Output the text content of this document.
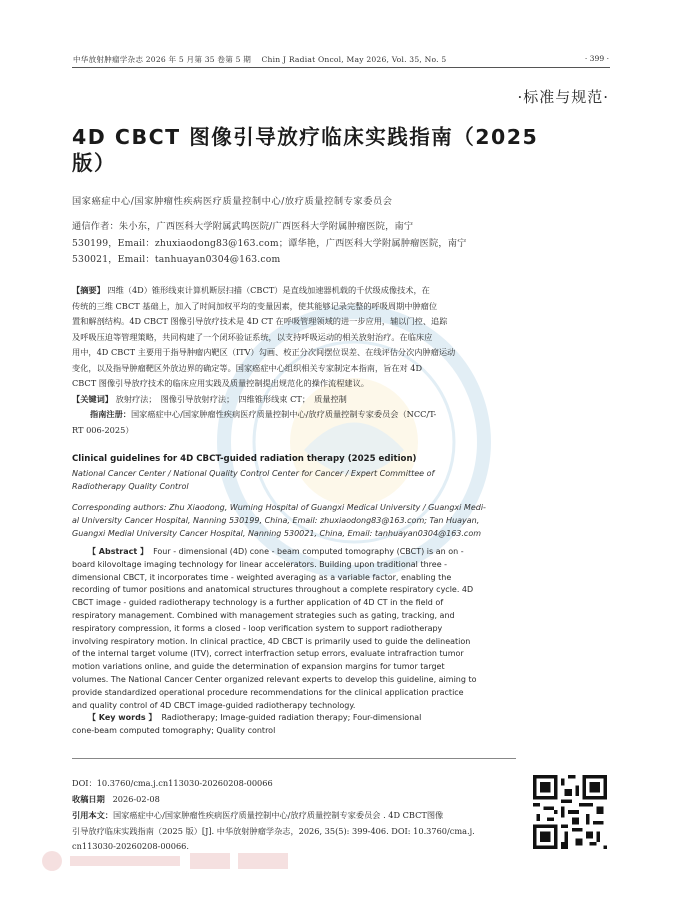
中华放射肿瘤学杂志 2026 年 5 月第 35 卷第 5 期 Chin J Radiat Oncol, May 2026, Vol. 35, No. 5	· 399 ·
·标准与规范·
4D CBCT 图像引导放疗临床实践指南（2025 版）
国家癌症中心/国家肿瘤性疾病医疗质量控制中心/放疗质量控制专家委员会
通信作者：朱小东，广西医科大学附属武鸣医院/广西医科大学附属肿瘤医院，南宁
530199，Email：zhuxiaodong83@163.com；谭华艳，广西医科大学附属肿瘤医院，南宁
530021，Email：tanhuayan0304@163.com
【摘要】 四维（4D）锥形线束计算机断层扫描（CBCT）是直线加速器机载的千伏级成像技术，在
传统的三维 CBCT 基础上，加入了时间加权平均的变量因素，使其能够记录完整的呼吸周期中肿瘤位
置和解剖结构。4D CBCT 图像引导放疗技术是 4D CT 在呼吸管理领域的进一步应用，辅以门控、追踪
及呼吸压迫等管理策略，共同构建了一个闭环验证系统，以支持呼吸运动的相关放射治疗。在临床应
用中，4D CBCT 主要用于指导肿瘤内靶区（ITV）勾画、校正分次间摆位误差、在线评估分次内肿瘤运动
变化，以及指导肿瘤靶区外放边界的确定等。国家癌症中心组织相关专家制定本指南，旨在对 4D
CBCT 图像引导放疗技术的临床应用实践及质量控制提出规范化的操作流程建议。
【关键词】 放射疗法；　图像引导放射疗法；　四维锥形线束 CT；　质量控制
指南注册：国家癌症中心/国家肿瘤性疾病医疗质量控制中心/放疗质量控制专家委员会（NCC/T-
RT 006-2025）
Clinical guidelines for 4D CBCT-guided radiation therapy (2025 edition)
National Cancer Center / National Quality Control Center for Cancer / Expert Committee of
Radiotherapy Quality Control
Corresponding authors: Zhu Xiaodong, Wuming Hospital of Guangxi Medical University / Guangxi Medi-
al University Cancer Hospital, Nanning 530199, China, Email: zhuxiaodong83@163.com; Tan Huayan,
Guangxi Medial University Cancer Hospital, Nanning 530021, China, Email: tanhuayan0304@163.com
【 Abstract 】 Four - dimensional (4D) cone - beam computed tomography (CBCT) is an on -
board kilovoltage imaging technology for linear accelerators. Building upon traditional three -
dimensional CBCT, it incorporates time - weighted averaging as a variable factor, enabling the
recording of tumor positions and anatomical structures throughout a complete respiratory cycle. 4D
CBCT image - guided radiotherapy technology is a further application of 4D CT in the field of
respiratory management. Combined with management strategies such as gating, tracking, and
respiratory compression, it forms a closed - loop verification system to support radiotherapy
involving respiratory motion. In clinical practice, 4D CBCT is primarily used to guide the delineation
of the internal target volume (ITV), correct interfraction setup errors, evaluate intrafraction tumor
motion variations online, and guide the determination of expansion margins for tumor target
volumes. The National Cancer Center organized relevant experts to develop this guideline, aiming to
provide standardized operational procedure recommendations for the clinical application practice
and quality control of 4D CBCT image-guided radiotherapy technology.
【 Key words 】 Radiotherapy; Image-guided radiation therapy; Four-dimensional
cone-beam computed tomography; Quality control
DOI：10.3760/cma.j.cn113030-20260208-00066
收稿日期 2026-02-08
引用本文：国家癌症中心/国家肿瘤性疾病医疗质量控制中心/放疗质量控制专家委员会 . 4D CBCT图像
引导放疗临床实践指南（2025 版）[J]. 中华放射肿瘤学杂志，2026, 35(5): 399-406. DOI: 10.3760/cma.j.
cn113030-20260208-00066.
